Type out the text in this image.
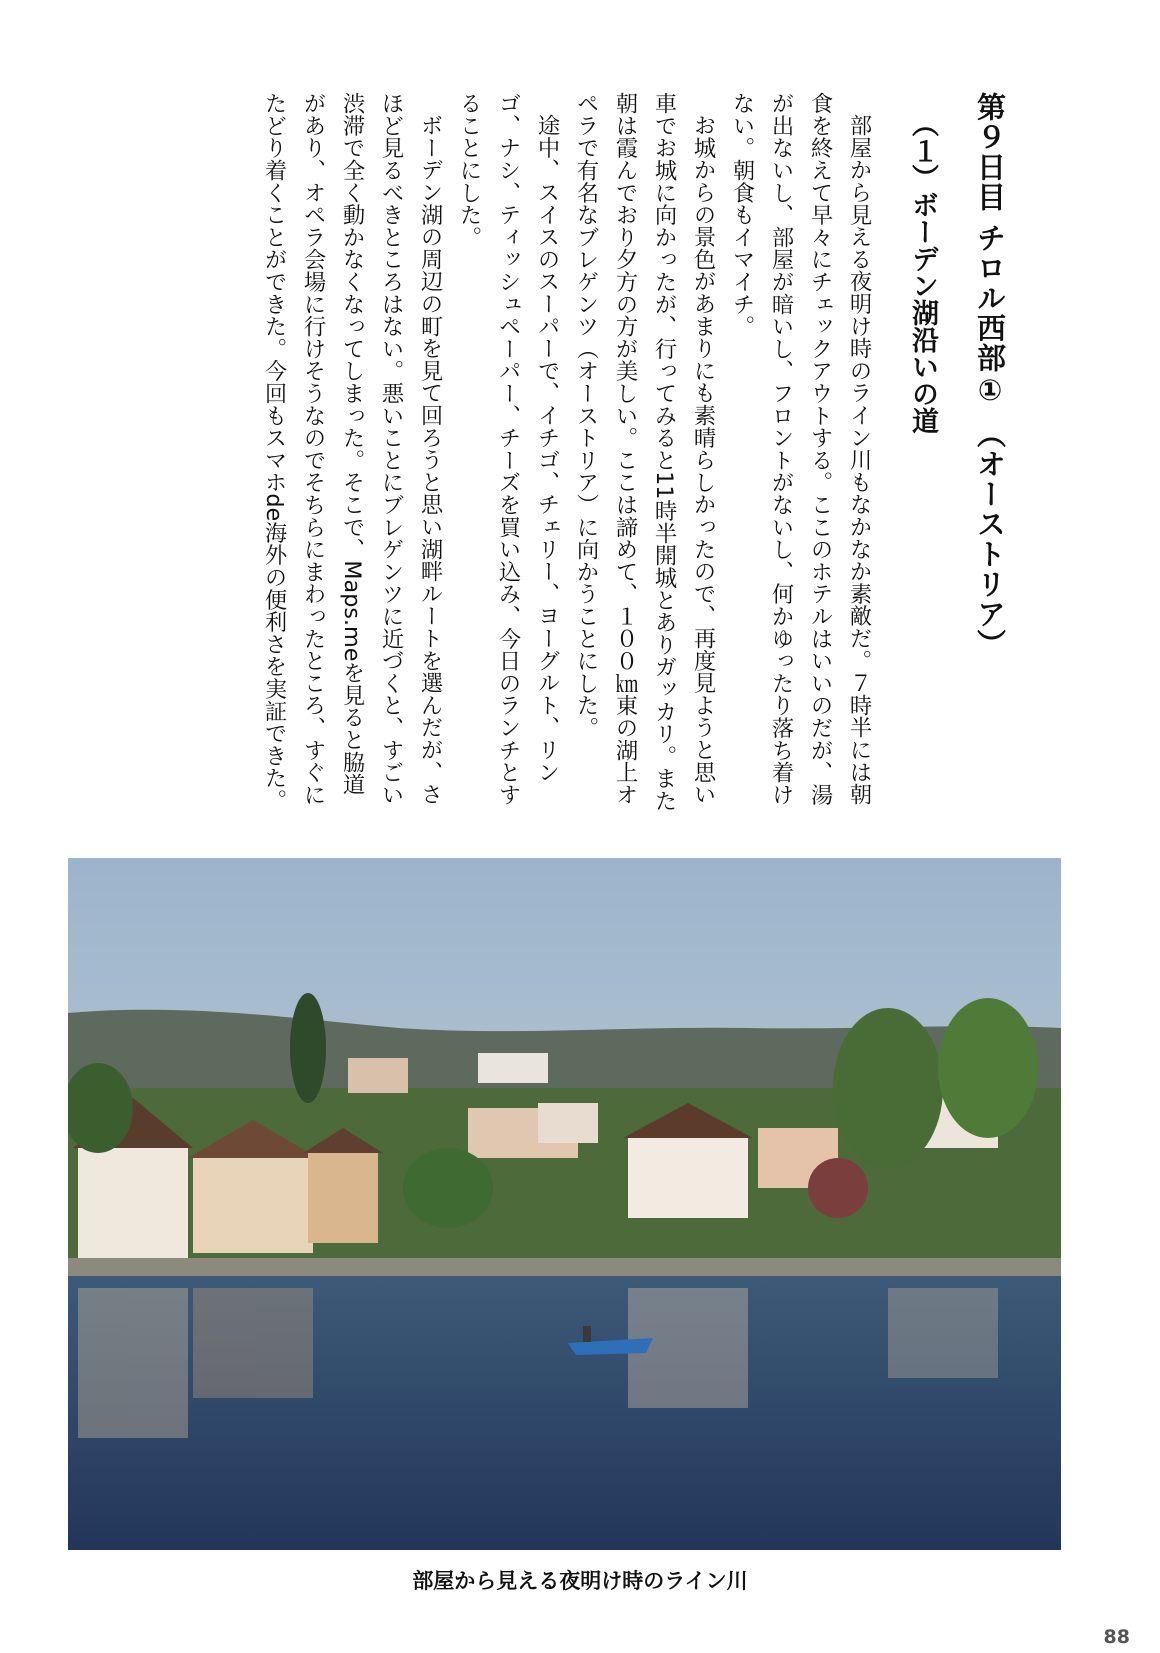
第９日目 チロル西部① （オーストリア）
（１）ボーデン湖沿いの道

部屋から見える夜明け時のライン川もなかなか素敵だ。７時半には朝食を終えて早々にチェックアウトする。ここのホテルはいいのだが、湯が出ないし、部屋が暗いし、フロントがないし、何かゆったり落ち着けない。朝食もイマイチ。

お城からの景色があまりにも素晴らしかったので、再度見ようと思い車でお城に向かったが、行ってみると11時半開城とありガッカリ。また朝は霞んでおり夕方の方が美しい。ここは諦めて、１００㎞東の湖上オペラで有名なブレゲンツ（オーストリア）に向かうことにした。

途中、スイスのスーパーで、イチゴ、チェリー、ヨーグルト、リンゴ、ナシ、ティッシュペーパー、チーズを買い込み、今日のランチとすることにした。

ボーデン湖の周辺の町を見て回ろうと思い湖畔ルートを選んだが、さほど見るべきところはない。悪いことにブレゲンツに近づくと、すごい渋滞で全く動かなくなってしまった。そこで、Maps.meを見ると脇道があり、オペラ会場に行けそうなのでそちらにまわったところ、すぐにたどり着くことができた。今回もスマホde海外の便利さを実証できた。

部屋から見える夜明け時のライン川
88
